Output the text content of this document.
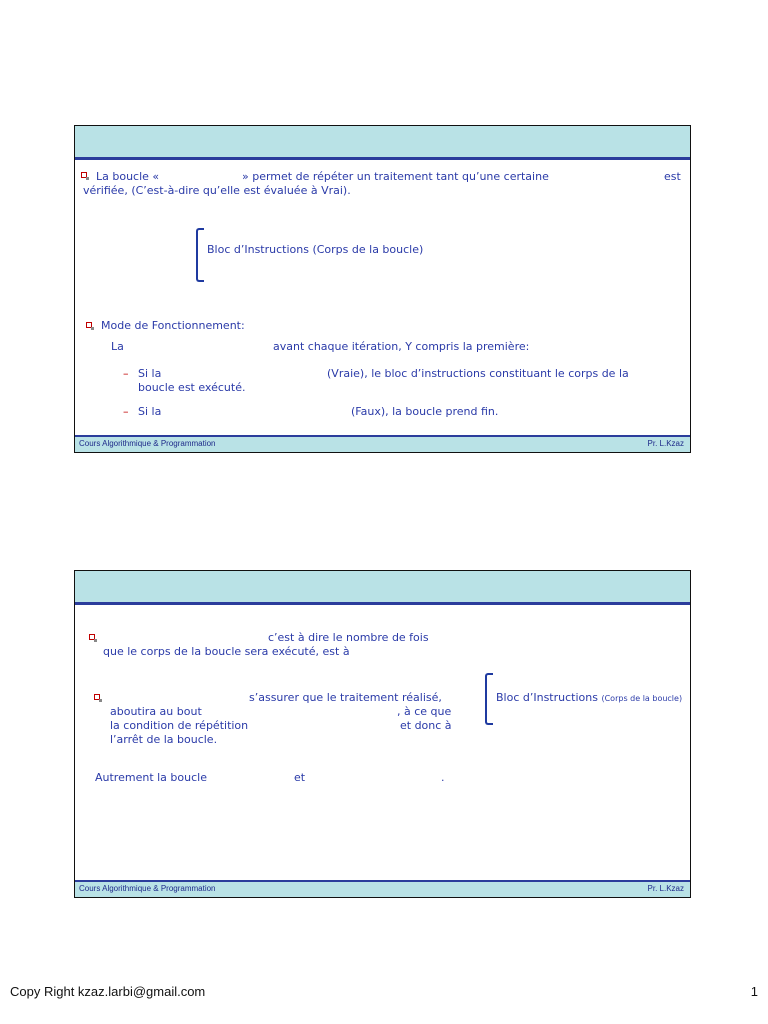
La boucle «	» permet de répéter un traitement tant qu’une certaine	est
vérifiée, (C’est-à-dire qu’elle est évaluée à Vrai).
Bloc d’Instructions (Corps de la boucle)
Mode de Fonctionnement:
La	avant chaque itération, Y compris la première:
– Si la	(Vraie), le bloc d’instructions constituant le corps de la
boucle est exécuté.
– Si la	(Faux), la boucle prend fin.
Cours Algorithmique & Programmation	Pr. L.Kzaz
c’est à dire le nombre de fois
que le corps de la boucle sera exécuté, est à
s’assurer que le traitement réalisé,
aboutira au bout	, à ce que
la condition de répétition	et donc à
l’arrêt de la boucle.
Bloc d’Instructions (Corps de la boucle)
Autrement la boucle	et	.
Cours Algorithmique & Programmation	Pr. L.Kzaz
Copy Right kzaz.larbi@gmail.com	1
